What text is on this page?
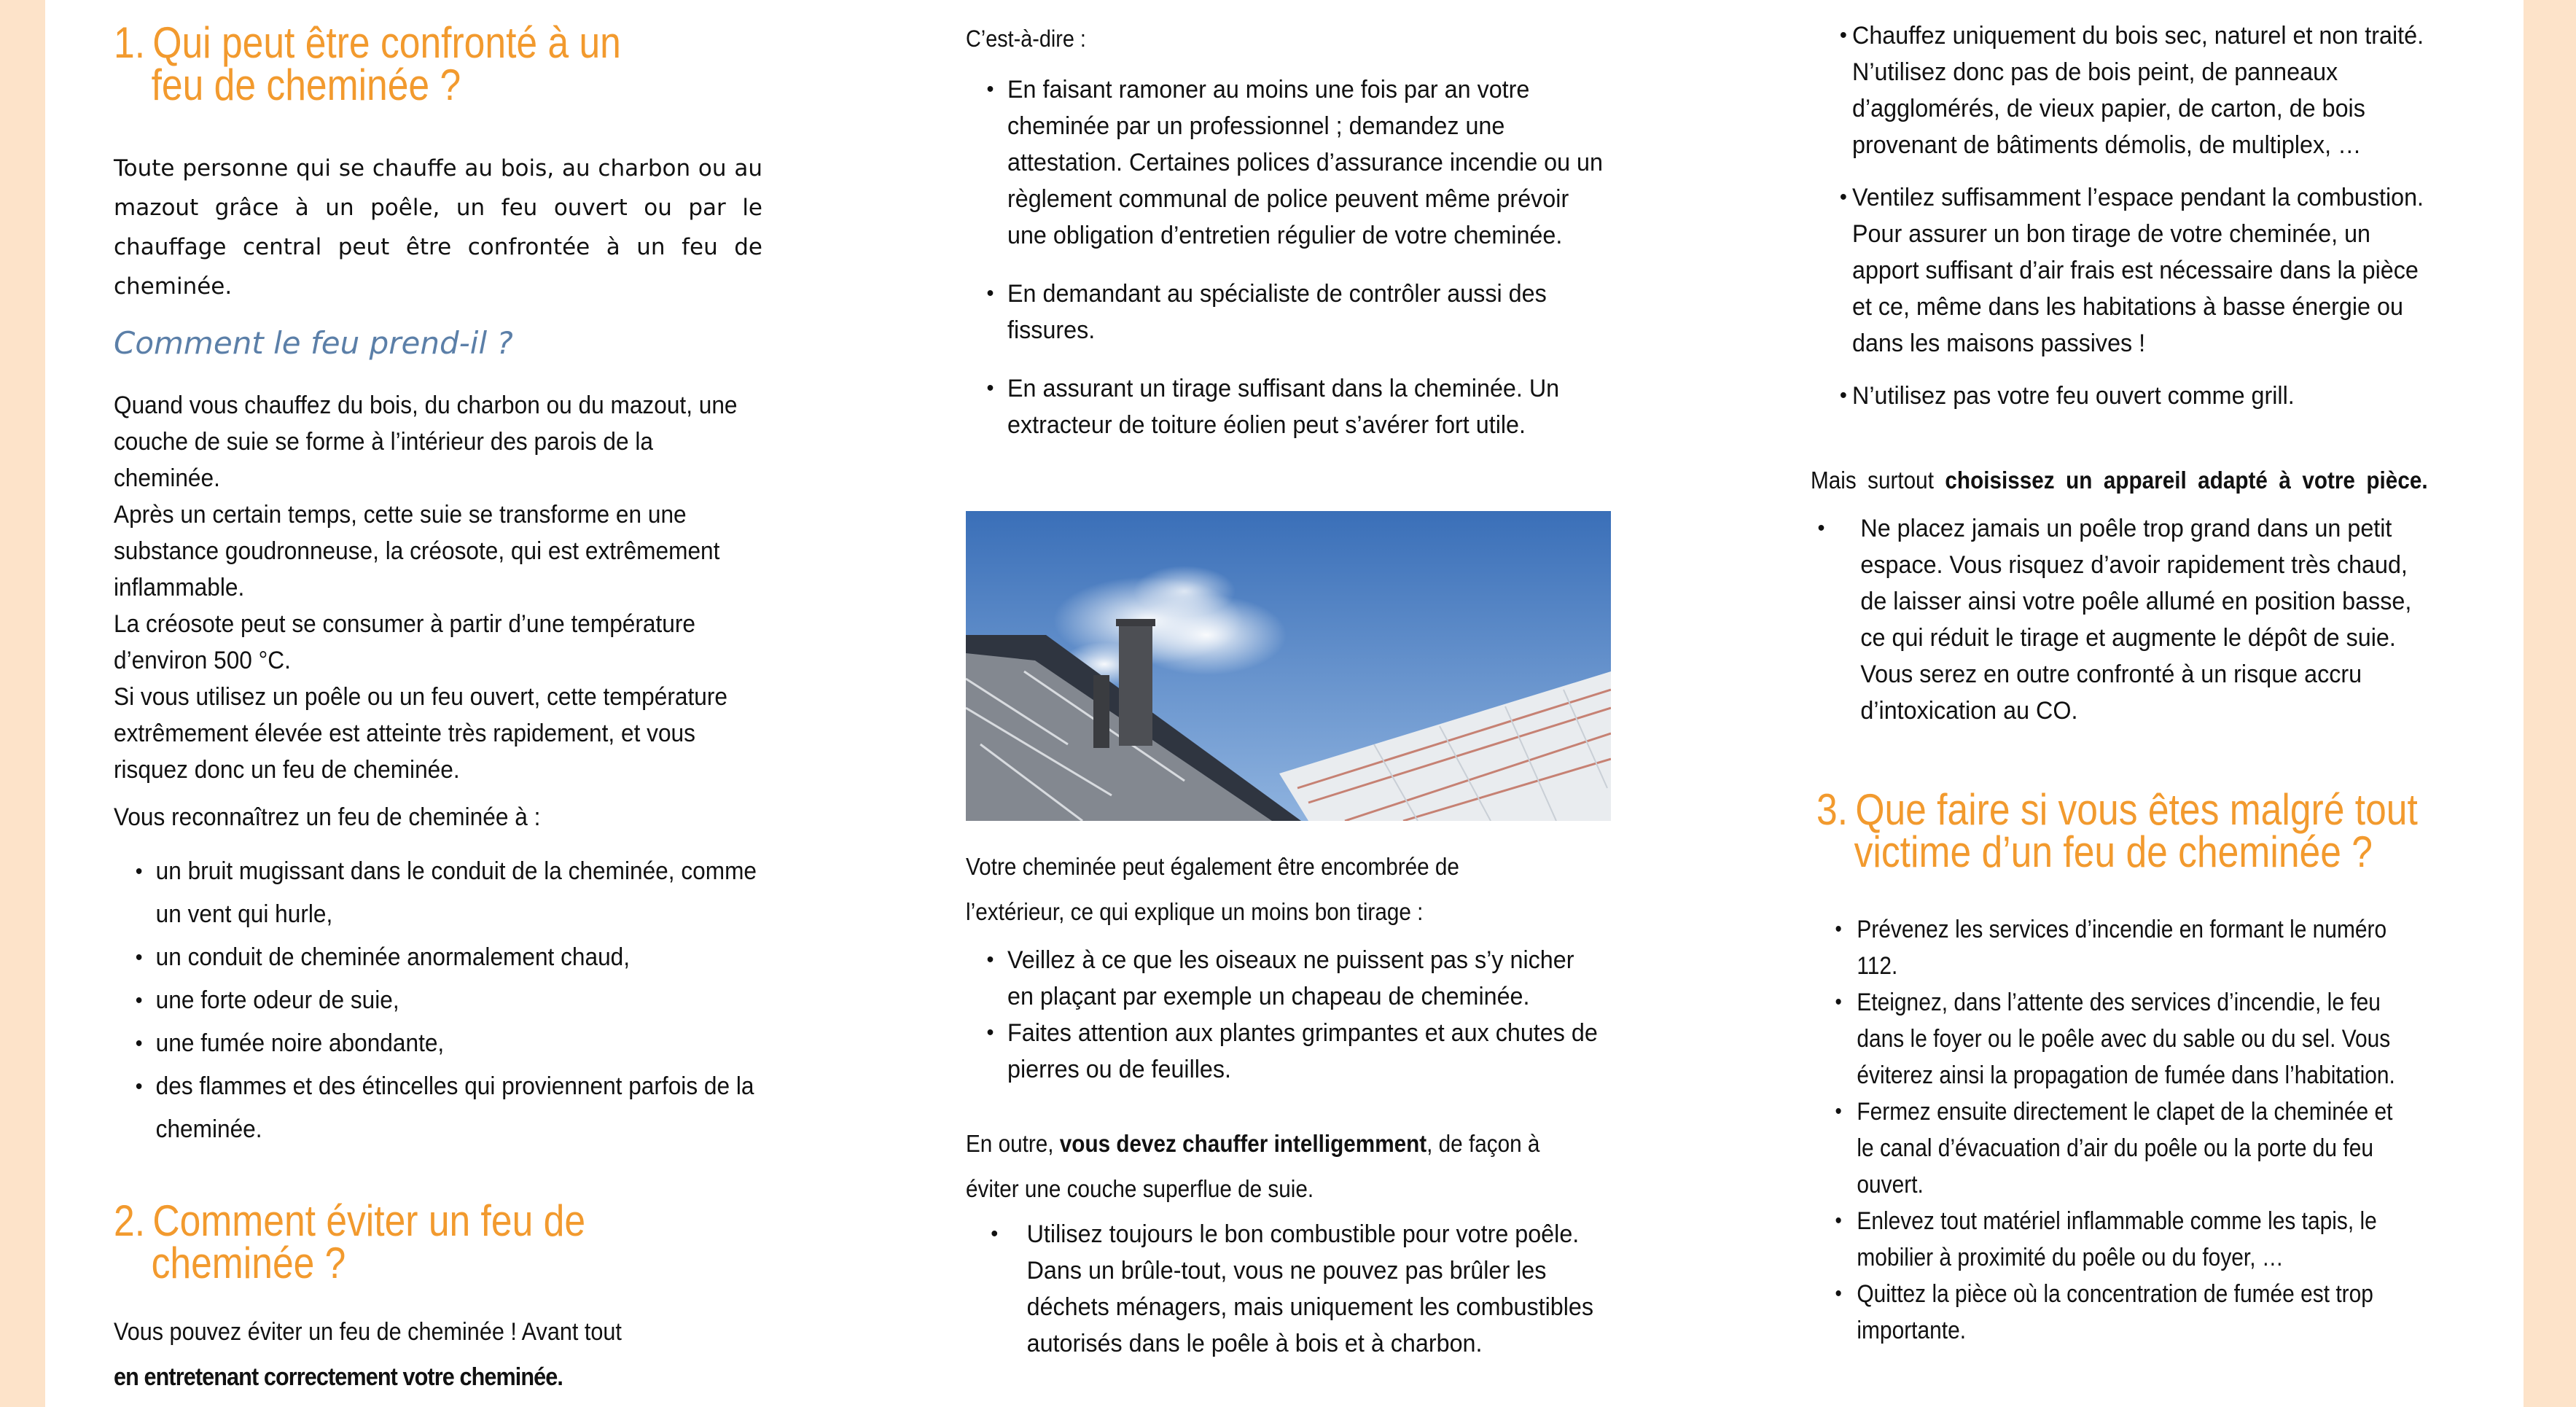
1. Qui peut être confronté à un
feu de cheminée ?

Toute personne qui se chauffe au bois, au charbon ou au mazout grâce à un poêle, un feu ouvert ou par le chauffage central peut être confrontée à un feu de cheminée.

Comment le feu prend-il ?
Quand vous chauffez du bois, du charbon ou du mazout, une couche de suie se forme à l’intérieur des parois de la cheminée.
Après un certain temps, cette suie se transforme en une substance goudronneuse, la créosote, qui est extrêmement inflammable.
La créosote peut se consumer à partir d’une température d’environ 500 °C.
Si vous utilisez un poêle ou un feu ouvert, cette température extrêmement élevée est atteinte très rapidement, et vous risquez donc un feu de cheminée.
Vous reconnaîtrez un feu de cheminée à :
• un bruit mugissant dans le conduit de la cheminée, comme un vent qui hurle,
• un conduit de cheminée anormalement chaud,
• une forte odeur de suie,
• une fumée noire abondante,
• des flammes et des étincelles qui proviennent parfois de la cheminée.
2. Comment éviter un feu de
cheminée ?
Vous pouvez éviter un feu de cheminée ! Avant tout
en entretenant correctement votre cheminée.
C’est-à-dire :
• En faisant ramoner au moins une fois par an votre cheminée par un professionnel ; demandez une attestation. Certaines polices d’assurance incendie ou un règlement communal de police peuvent même prévoir une obligation d’entretien régulier de votre cheminée.
• En demandant au spécialiste de contrôler aussi des fissures.
• En assurant un tirage suffisant dans la cheminée. Un extracteur de toiture éolien peut s’avérer fort utile.
Votre cheminée peut également être encombrée de
l’extérieur, ce qui explique un moins bon tirage :
• Veillez à ce que les oiseaux ne puissent pas s’y nicher en plaçant par exemple un chapeau de cheminée.
• Faites attention aux plantes grimpantes et aux chutes de pierres ou de feuilles.
En outre, vous devez chauffer intelligemment, de façon à
éviter une couche superflue de suie.
• Utilisez toujours le bon combustible pour votre poêle. Dans un brûle-tout, vous ne pouvez pas brûler les déchets ménagers, mais uniquement les combustibles autorisés dans le poêle à bois et à charbon.
• Chauffez uniquement du bois sec, naturel et non traité. N’utilisez donc pas de bois peint, de panneaux d’agglomérés, de vieux papier, de carton, de bois provenant de bâtiments démolis, de multiplex, …
• Ventilez suffisamment l’espace pendant la combustion. Pour assurer un bon tirage de votre cheminée, un apport suffisant d’air frais est nécessaire dans la pièce et ce, même dans les habitations à basse énergie ou dans les maisons passives !
• N’utilisez pas votre feu ouvert comme grill.
Mais surtout choisissez un appareil adapté à votre pièce.
• Ne placez jamais un poêle trop grand dans un petit espace. Vous risquez d’avoir rapidement très chaud, de laisser ainsi votre poêle allumé en position basse, ce qui réduit le tirage et augmente le dépôt de suie. Vous serez en outre confronté à un risque accru d’intoxication au CO.
3. Que faire si vous êtes malgré tout
victime d’un feu de cheminée ?
• Prévenez les services d’incendie en formant le numéro 112.
• Eteignez, dans l’attente des services d’incendie, le feu dans le foyer ou le poêle avec du sable ou du sel. Vous éviterez ainsi la propagation de fumée dans l’habitation.
• Fermez ensuite directement le clapet de la cheminée et le canal d’évacuation d’air du poêle ou la porte du feu ouvert.
• Enlevez tout matériel inflammable comme les tapis, le mobilier à proximité du poêle ou du foyer, …
• Quittez la pièce où la concentration de fumée est trop importante.
